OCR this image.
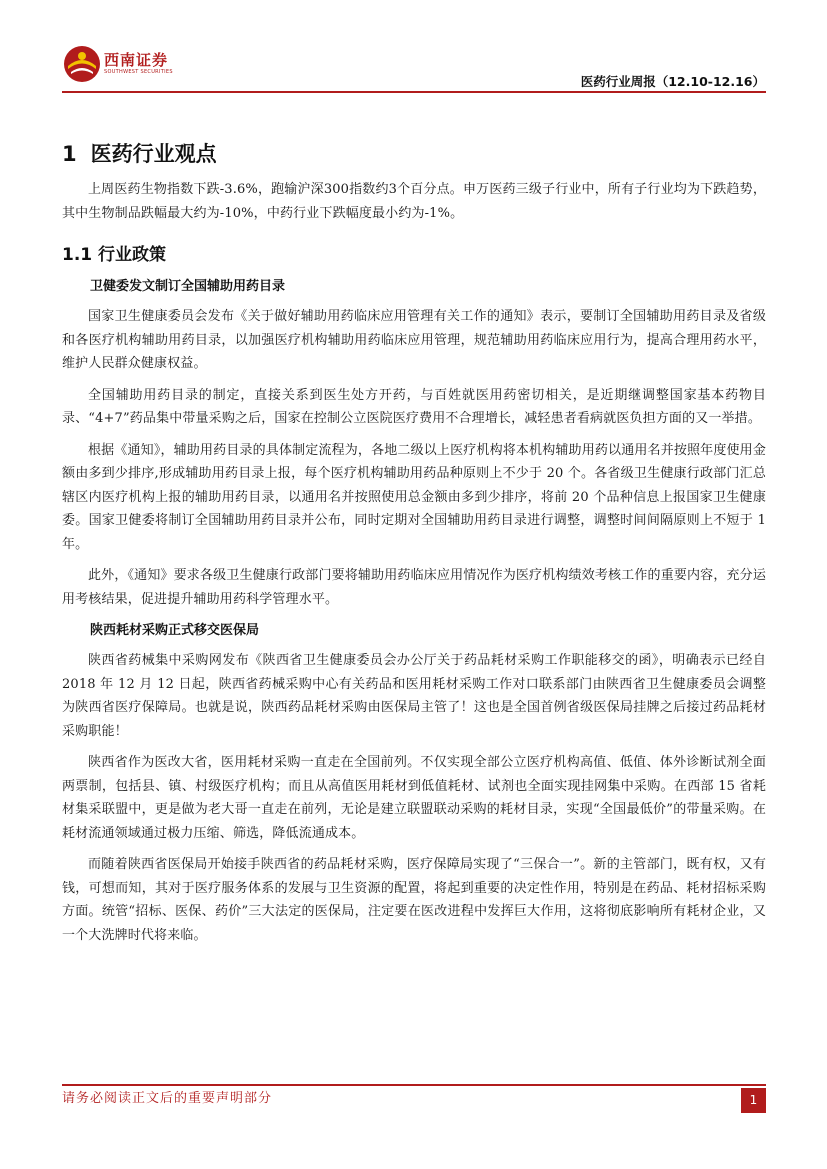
西南证券
SOUTHWEST SECURITIES
医药行业周报（12.10-12.16）
1 医药行业观点

上周医药生物指数下跌-3.6%，跑输沪深300指数约3个百分点。申万医药三级子行业中，所有子行业均为下跌趋势，其中生物制品跌幅最大约为-10%，中药行业下跌幅度最小约为-1%。

1.1 行业政策
卫健委发文制订全国辅助用药目录

国家卫生健康委员会发布《关于做好辅助用药临床应用管理有关工作的通知》表示，要制订全国辅助用药目录及省级和各医疗机构辅助用药目录，以加强医疗机构辅助用药临床应用管理，规范辅助用药临床应用行为，提高合理用药水平，维护人民群众健康权益。

全国辅助用药目录的制定，直接关系到医生处方开药，与百姓就医用药密切相关，是近期继调整国家基本药物目录、“4+7”药品集中带量采购之后，国家在控制公立医院医疗费用不合理增长，减轻患者看病就医负担方面的又一举措。

根据《通知》，辅助用药目录的具体制定流程为，各地二级以上医疗机构将本机构辅助用药以通用名并按照年度使用金额由多到少排序,形成辅助用药目录上报，每个医疗机构辅助用药品种原则上不少于 20 个。各省级卫生健康行政部门汇总辖区内医疗机构上报的辅助用药目录，以通用名并按照使用总金额由多到少排序，将前 20 个品种信息上报国家卫生健康委。国家卫健委将制订全国辅助用药目录并公布，同时定期对全国辅助用药目录进行调整，调整时间间隔原则上不短于 1 年。

此外，《通知》要求各级卫生健康行政部门要将辅助用药临床应用情况作为医疗机构绩效考核工作的重要内容，充分运用考核结果，促进提升辅助用药科学管理水平。

陕西耗材采购正式移交医保局

陕西省药械集中采购网发布《陕西省卫生健康委员会办公厅关于药品耗材采购工作职能移交的函》，明确表示已经自 2018 年 12 月 12 日起，陕西省药械采购中心有关药品和医用耗材采购工作对口联系部门由陕西省卫生健康委员会调整为陕西省医疗保障局。也就是说，陕西药品耗材采购由医保局主管了！这也是全国首例省级医保局挂牌之后接过药品耗材采购职能！

陕西省作为医改大省，医用耗材采购一直走在全国前列。不仅实现全部公立医疗机构高值、低值、体外诊断试剂全面两票制，包括县、镇、村级医疗机构；而且从高值医用耗材到低值耗材、试剂也全面实现挂网集中采购。在西部 15 省耗材集采联盟中，更是做为老大哥一直走在前列，无论是建立联盟联动采购的耗材目录，实现“全国最低价”的带量采购。在耗材流通领域通过极力压缩、筛选，降低流通成本。

而随着陕西省医保局开始接手陕西省的药品耗材采购，医疗保障局实现了“三保合一”。新的主管部门，既有权，又有钱，可想而知，其对于医疗服务体系的发展与卫生资源的配置，将起到重要的决定性作用，特别是在药品、耗材招标采购方面。统管“招标、医保、药价”三大法定的医保局，注定要在医改进程中发挥巨大作用，这将彻底影响所有耗材企业，又一个大洗牌时代将来临。

请务必阅读正文后的重要声明部分	1
